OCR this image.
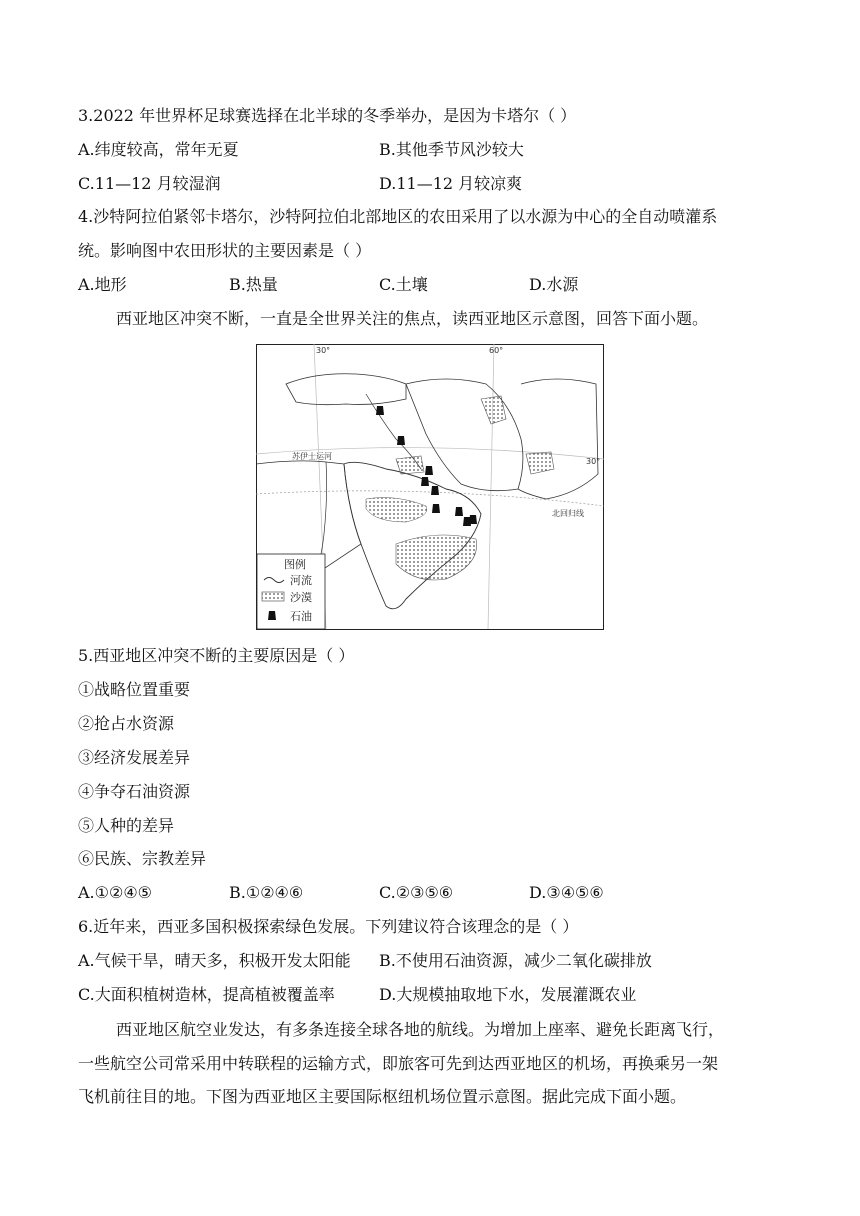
3.2022 年世界杯足球赛选择在北半球的冬季举办，是因为卡塔尔（ ）
A.纬度较高，常年无夏	B.其他季节风沙较大
C.11—12 月较湿润	D.11—12 月较凉爽
4.沙特阿拉伯紧邻卡塔尔，沙特阿拉伯北部地区的农田采用了以水源为中心的全自动喷灌系
统。影响图中农田形状的主要因素是（ ）
A.地形	B.热量	C.土壤	D.水源
西亚地区冲突不断，一直是全世界关注的焦点，读西亚地区示意图，回答下面小题。
30°	60°
30°
苏伊士运河
北回归线
图例
河流
沙漠
石油
5.西亚地区冲突不断的主要原因是（ ）
①战略位置重要
②抢占水资源
③经济发展差异
④争夺石油资源
⑤人种的差异
⑥民族、宗教差异
A.①②④⑤	B.①②④⑥	C.②③⑤⑥	D.③④⑤⑥
6.近年来，西亚多国积极探索绿色发展。下列建议符合该理念的是（ ）
A.气候干旱，晴天多，积极开发太阳能 B.不使用石油资源，减少二氧化碳排放
C.大面积植树造林，提高植被覆盖率	D.大规模抽取地下水，发展灌溉农业
西亚地区航空业发达，有多条连接全球各地的航线。为增加上座率、避免长距离飞行，
一些航空公司常采用中转联程的运输方式，即旅客可先到达西亚地区的机场，再换乘另一架
飞机前往目的地。下图为西亚地区主要国际枢纽机场位置示意图。据此完成下面小题。
